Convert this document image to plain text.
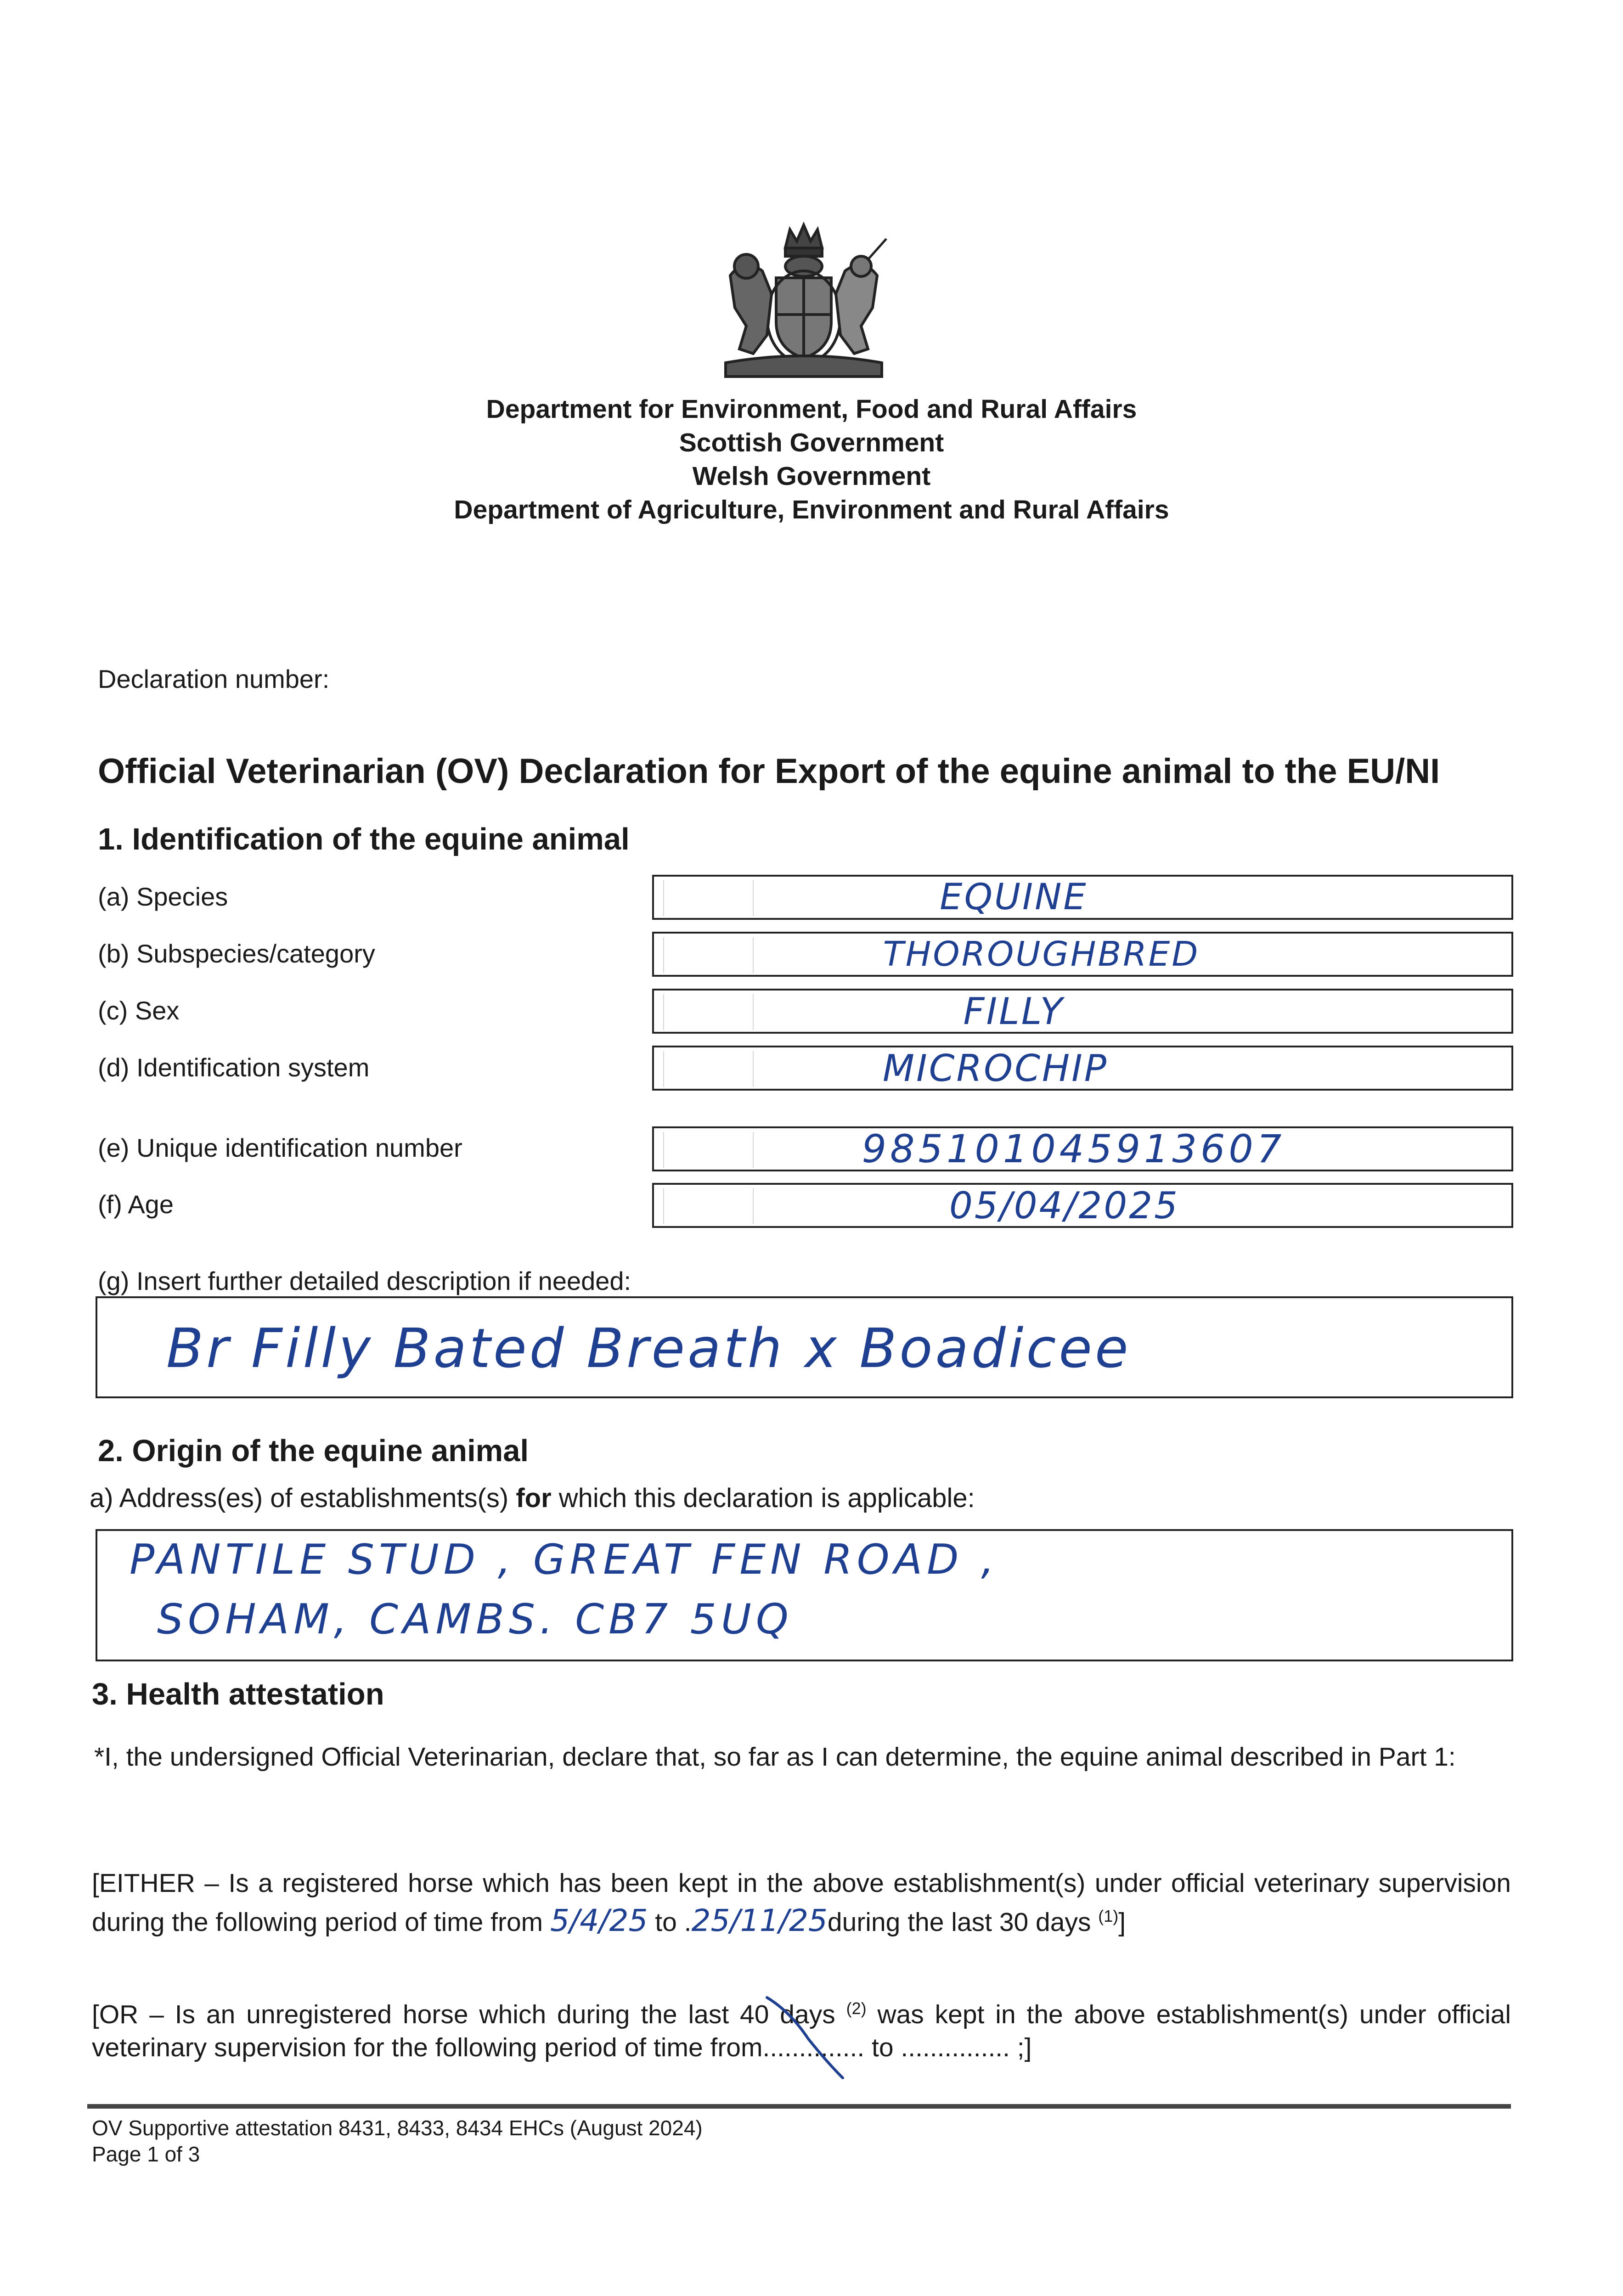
Department for Environment, Food and Rural Affairs
Scottish Government
Welsh Government
Department of Agriculture, Environment and Rural Affairs
Declaration number:
Official Veterinarian (OV) Declaration for Export of the equine animal to the EU/NI
1. Identification of the equine animal
(a) Species	EQUINE
(b) Subspecies/category	THOROUGHBRED
(c) Sex	FILLY
(d) Identification system	MICROCHIP
(e) Unique identification number	985101045913607
(f) Age	05/04/2025
(g) Insert further detailed description if needed:
Br Filly Bated Breath x Boadicee
2. Origin of the equine animal
a) Address(es) of establishments(s) for which this declaration is applicable:
PANTILE STUD , GREAT FEN ROAD ,
SOHAM, CAMBS. CB7 5UQ
3. Health attestation
*I, the undersigned Official Veterinarian, declare that, so far as I can determine, the equine animal described in Part 1:
[EITHER – Is a registered horse which has been kept in the above establishment(s) under official veterinary supervision during the following period of time from 5/4/25 to .25/11/25during the last 30 days $^{(1)}$]
[OR – Is an unregistered horse which during the last 40 days $^{(2)}$ was kept in the above establishment(s) under official veterinary supervision for the following period of time from.............. to ............... ;]
OV Supportive attestation 8431, 8433, 8434 EHCs (August 2024)
Page 1 of 3
